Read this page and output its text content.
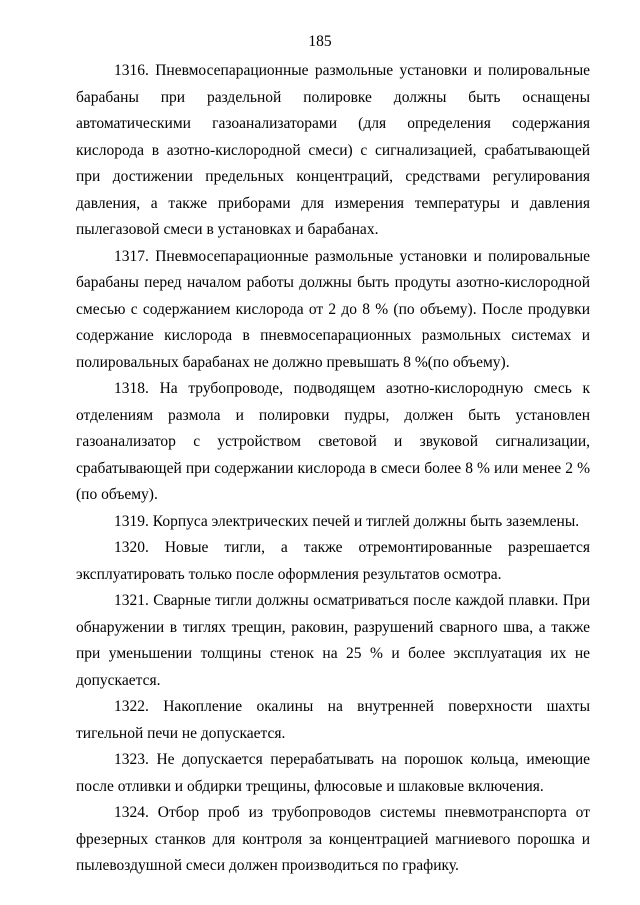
185

1316. Пневмосепарационные размольные установки и полировальные барабаны при раздельной полировке должны быть оснащены автоматическими газоанализаторами (для определения содержания кислорода в азотно-кислородной смеси) с сигнализацией, срабатывающей при достижении предельных концентраций, средствами регулирования давления, а также приборами для измерения температуры и давления пылегазовой смеси в установках и барабанах.

1317. Пневмосепарационные размольные установки и полировальные барабаны перед началом работы должны быть продуты азотно-кислородной смесью с содержанием кислорода от 2 до 8 % (по объему). После продувки содержание кислорода в пневмосепарационных размольных системах и полировальных барабанах не должно превышать 8 %(по объему).

1318. На трубопроводе, подводящем азотно-кислородную смесь к отделениям размола и полировки пудры, должен быть установлен газоанализатор с устройством световой и звуковой сигнализации, срабатывающей при содержании кислорода в смеси более 8 % или менее 2 %(по объему).

1319. Корпуса электрических печей и тиглей должны быть заземлены.

1320. Новые тигли, а также отремонтированные разрешается эксплуатировать только после оформления результатов осмотра.

1321. Сварные тигли должны осматриваться после каждой плавки. При обнаружении в тиглях трещин, раковин, разрушений сварного шва, а также при уменьшении толщины стенок на 25 % и более эксплуатация их не допускается.

1322. Накопление окалины на внутренней поверхности шахты тигельной печи не допускается.

1323. Не допускается перерабатывать на порошок кольца, имеющие после отливки и обдирки трещины, флюсовые и шлаковые включения.

1324. Отбор проб из трубопроводов системы пневмотранспорта от фрезерных станков для контроля за концентрацией магниевого порошка и пылевоздушной смеси должен производиться по графику.
